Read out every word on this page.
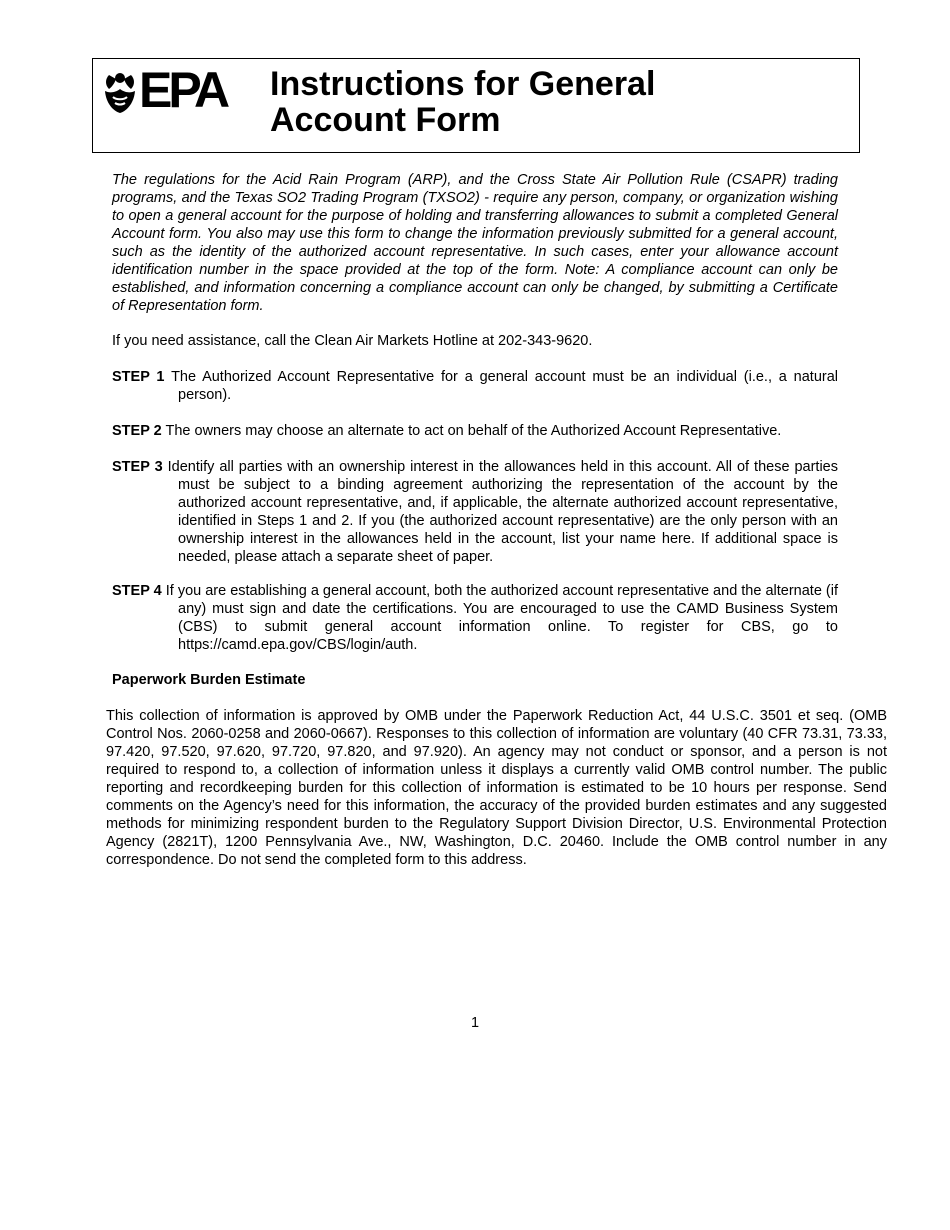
EPA Instructions for General
Account Form

The regulations for the Acid Rain Program (ARP), and the Cross State Air Pollution Rule (CSAPR) trading programs, and the Texas SO2 Trading Program (TXSO2) - require any person, company, or organization wishing to open a general account for the purpose of holding and transferring allowances to submit a completed General Account form. You also may use this form to change the information previously submitted for a general account, such as the identity of the authorized account representative. In such cases, enter your allowance account identification number in the space provided at the top of the form. Note: A compliance account can only be established, and information concerning a compliance account can only be changed, by submitting a Certificate of Representation form.

If you need assistance, call the Clean Air Markets Hotline at 202-343-9620.

STEP 1 The Authorized Account Representative for a general account must be an individual (i.e., a natural person).

STEP 2 The owners may choose an alternate to act on behalf of the Authorized Account Representative.

STEP 3 Identify all parties with an ownership interest in the allowances held in this account. All of these parties must be subject to a binding agreement authorizing the representation of the account by the authorized account representative, and, if applicable, the alternate authorized account representative, identified in Steps 1 and 2. If you (the authorized account representative) are the only person with an ownership interest in the allowances held in the account, list your name here. If additional space is needed, please attach a separate sheet of paper.

STEP 4 If you are establishing a general account, both the authorized account representative and the alternate (if any) must sign and date the certifications. You are encouraged to use the CAMD Business System (CBS) to submit general account information online. To register for CBS, go to https://camd.epa.gov/CBS/login/auth.

Paperwork Burden Estimate

This collection of information is approved by OMB under the Paperwork Reduction Act, 44 U.S.C. 3501 et seq. (OMB Control Nos. 2060-0258 and 2060-0667). Responses to this collection of information are voluntary (40 CFR 73.31, 73.33, 97.420, 97.520, 97.620, 97.720, 97.820, and 97.920). An agency may not conduct or sponsor, and a person is not required to respond to, a collection of information unless it displays a currently valid OMB control number. The public reporting and recordkeeping burden for this collection of information is estimated to be 10 hours per response. Send comments on the Agency’s need for this information, the accuracy of the provided burden estimates and any suggested methods for minimizing respondent burden to the Regulatory Support Division Director, U.S. Environmental Protection Agency (2821T), 1200 Pennsylvania Ave., NW, Washington, D.C. 20460. Include the OMB control number in any correspondence. Do not send the completed form to this address.

1
